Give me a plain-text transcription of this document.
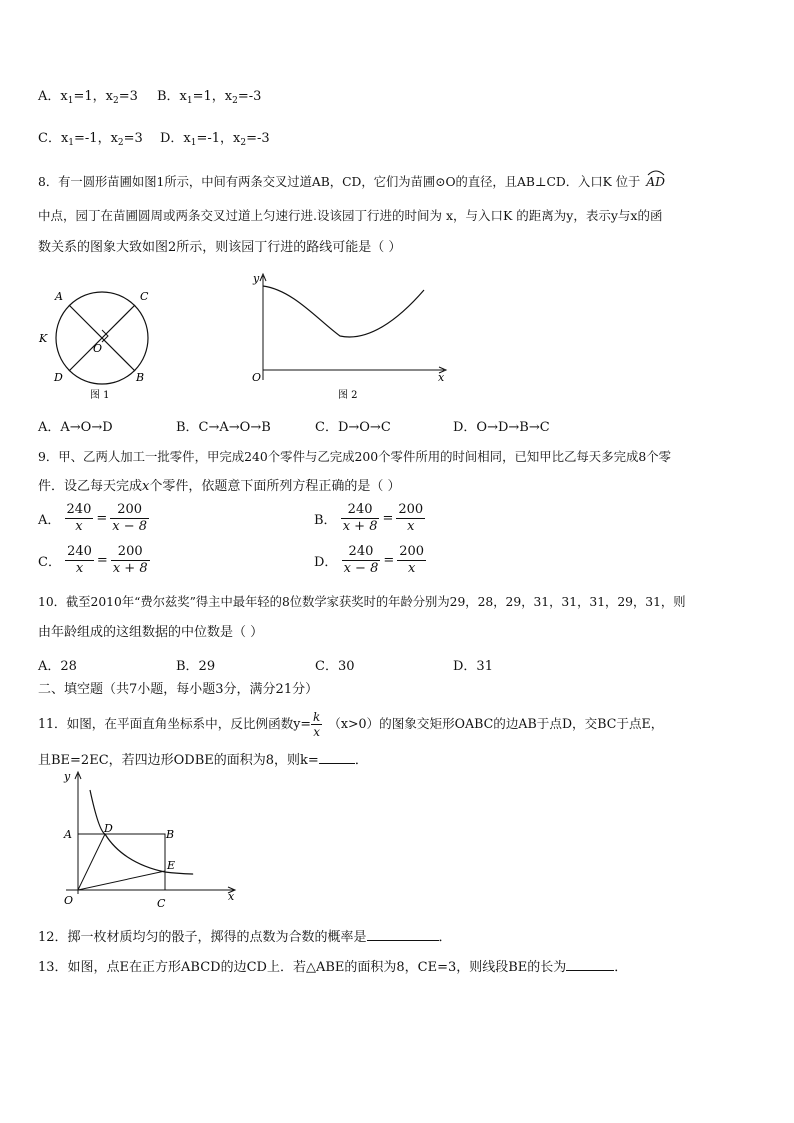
A．$x_1=1$，$x_2=3$ B．$x_1=1$，$x_2=-3$
C．$x_1=-1$，$x_2=3$ D．$x_1=-1$，$x_2=-3$
8．有一圆形苗圃如图1所示，中间有两条交叉过道AB，CD，它们为苗圃⊙O的直径，且AB⊥CD．入口K 位于 AD
中点，园丁在苗圃圆周或两条交叉过道上匀速行进.设该园丁行进的时间为 x，与入口K 的距离为y，表示y与x的函
数关系的图象大致如图2所示，则该园丁行进的路线可能是（ ）
A	C
K
O
D	B
图 1
y
O	x
图 2
A．A→O→D	B．C→A→O→B	C．D→O→C	D．O→D→B→C
9．甲、乙两人加工一批零件，甲完成240个零件与乙完成200个零件所用的时间相同，已知甲比乙每天多完成8个零
件．设乙每天完成x个零件，依题意下面所列方程正确的是（ ）
A． $\frac{240}{x} = \frac{200}{x - 8}$	B． $\frac{240}{x + 8} = \frac{200}{x}$
C． $\frac{240}{x} = \frac{200}{x + 8}$	D． $\frac{240}{x - 8} = \frac{200}{x}$
10．截至2010年“费尔兹奖”得主中最年轻的8位数学家获奖时的年龄分别为29，28，29，31，31，31，29，31，则
由年龄组成的这组数据的中位数是（ ）
A．28	B．29	C．30	D．31
二、填空题（共7小题，每小题3分，满分21分）
11．如图，在平面直角坐标系中，反比例函数$y= \frac{k}{x} (x>0)$的图象交矩形OABC的边AB于点D，交BC于点E，
且BE=2EC，若四边形ODBE的面积为8，则k=	．
y
A	D	B
E
O	C
x
12．掷一枚材质均匀的骰子，掷得的点数为合数的概率是	．
13．如图，点E在正方形ABCD的边CD上．若△ABE的面积为8，CE=3，则线段BE的长为	．
